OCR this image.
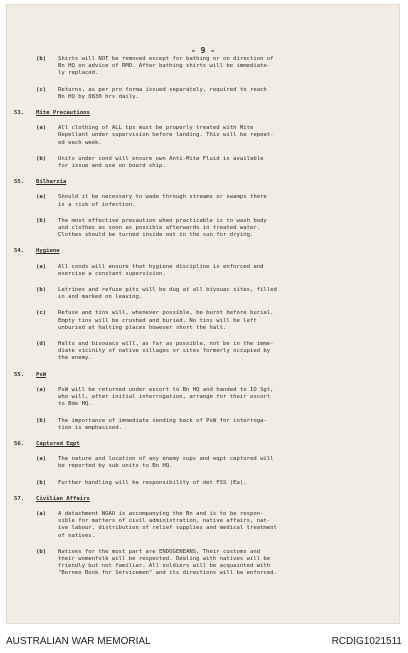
- 9 -
(b)	Shirts will NOT be removed except for bathing or on direction of
Bn HQ on advice of RMO. After bathing shirts will be immediate-
ly replaced.
(c)	Returns, as per pro forma issued separately, required to reach
Bn HQ by 0830 hrs daily.
53.	Mite Precautions
(a)	All clothing of ALL tps must be properly treated with Mite
Repellant under supervision before landing. This will be repeat-
ed each week.
(b)	Units under cond will ensure own Anti-Mite Fluid is available
for issue and use on board ship.
55.	Bilharzia
(a)	Should it be necessary to wade through streams or swamps there
is a risk of infection.
(b)	The most effective precaution when practicable is to wash body
and clothes as soon as possible afterwards in treated water.
Clothes should be turned inside out in the sun for drying.
54.	Hygiene
(a)	All conds will ensure that hygiene discipline is enforced and
exercise a constant supervision.
(b)	Latrines and refuse pits will be dug at all bivouac sites, filled
in and marked on leaving.
(c)	Refuse and tins will, whenever possible, be burnt before burial.
Empty tins will be crushed and buried. No tins will be left
unburied at halting places however short the halt.
(d)	Halts and bivouacs will, as far as possible, not be in the imme-
diate vicinity of native villages or sites formerly occupied by
the enemy.
55.	PsW
(a)	PsW will be returned under escort to Bn HQ and handed to IO Sgt,
who will, after initial interrogation, arrange for their escort
to Bde HQ.
(b)	The importance of immediate sending back of PsW for interroga-
tion is emphasised.
56.	Captured Eqpt
(a)	The nature and location of any enemy sups and eqpt captured will
be reported by sub units to Bn HQ.
(b)	Further handling will be responsibility of det FSS (Ea).
57.	Civilian Affairs
(a)	A detachment NGAU is accompanying the Bn and is to be respon-
sible for matters of civil administration, native affairs, nat-
ive labour, distribution of relief supplies and medical treatment
of natives.
(b)	Natives for the most part are ENDOGENEANS. Their customs and
their womenfolk will be respected. Dealing with natives will be
friendly but not familiar. All soldiers will be acquainted with
"Borneo Book for Servicemen" and its directions will be enforced.
AUSTRALIAN WAR MEMORIAL	RCDIG1021511
